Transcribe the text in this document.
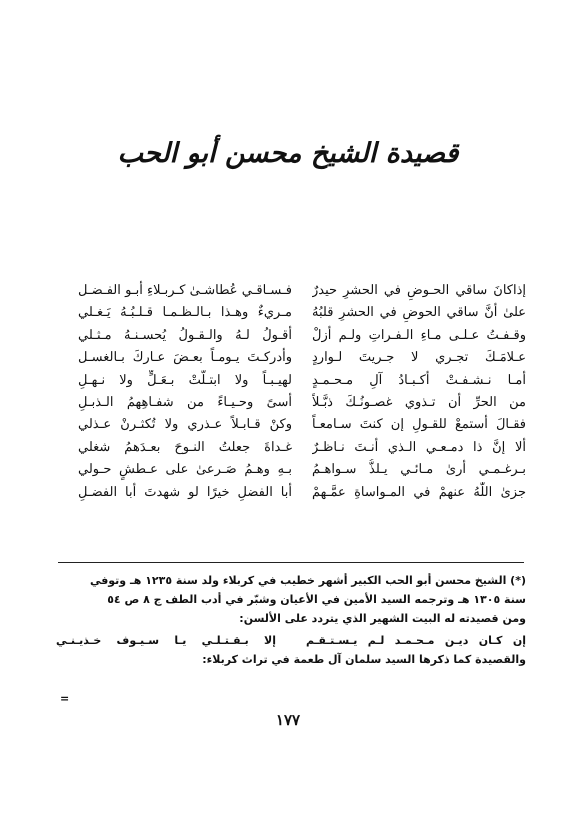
قصيدة الشيخ محسن أبو الحب
إذاكانَ ساقي الحـوضِ في الحشرِ حيدرٌ
فـسـاقـي عُطاشـىٰ كـربـلاءِ أبـو الفـضـل
علىٰ أنَّ ساقي الحوضِ في الحشرِ قلبُهُ
مـريءٌ وهـذا بـالـظـمـا قـلـبُـهُ يَـغـلي
وقـفـتُ عـلـى مـاءِ الـفـراتِ ولـم أزلْ
أقـولُ لـهُ والـقـولُ يُحسـنـهُ مـثـلي
عـلامَـكَ تجـري لا جـريتَ لـواردٍ
وأدركـتَ يـومـاً بعـضَ عـاركَ بـالغسـل
أمـا نـشـفـتْ أكـبـادُ آلِ مـحـمـدٍ
لهيـبـاً ولا ابتـلَّتْ بـعَـلٍّ ولا نـهـلِ
من الحرِّ أن تـذوي غصـونُـكَ ذبَّـلاً
أسىً وحـيـاءً من شفـاهِهمُ الـذبـلِ
فقـالَ أستمعْ للقـولِ إن كنتَ سـامعـاً
وكنْ قـابـلاً عـذري ولا تُكثـرنْ عـذلي
ألا إنَّ ذا دمـعـي الـذي أنـتَ نـاظـرٌ
غـداةَ جعلتُ النـوحَ بعـدَهمُ شغلي
بـرغـمـي أرىٰ مـائـي يـلذُّ سـواهـمُ
بـهِ وهـمُ صَـرعىٰ على عـطشٍ حـولي
جزىٰ اللّٰهُ عنهمْ في المـواساةِ عمَّـهمْ
أبا الفضلِ خيرًا لو شهدتَ أبا الفضـلِ

(*) الشيخ محسن أبو الحب الكبير أشهر خطيب في كربلاء ولد سنة ١٢٣٥ هـ وتوفي

سنة ١٣٠٥ هـ وترجمه السيد الأمين في الأعيان وشبّر في أدب الطف ج ٨ ص ٥٤

ومن قصيدته له البيت الشهير الذي يتردد على الألسن:

إن كـان ديـن مـحـمـد لـم يـسـتـقـم
إلا بـقـتـلـي يـا سـيـوف خـذيـنـي

والقصيدة كما ذكرها السيد سلمان آل طعمة في تراث كربلاء:

=
١٧٧
